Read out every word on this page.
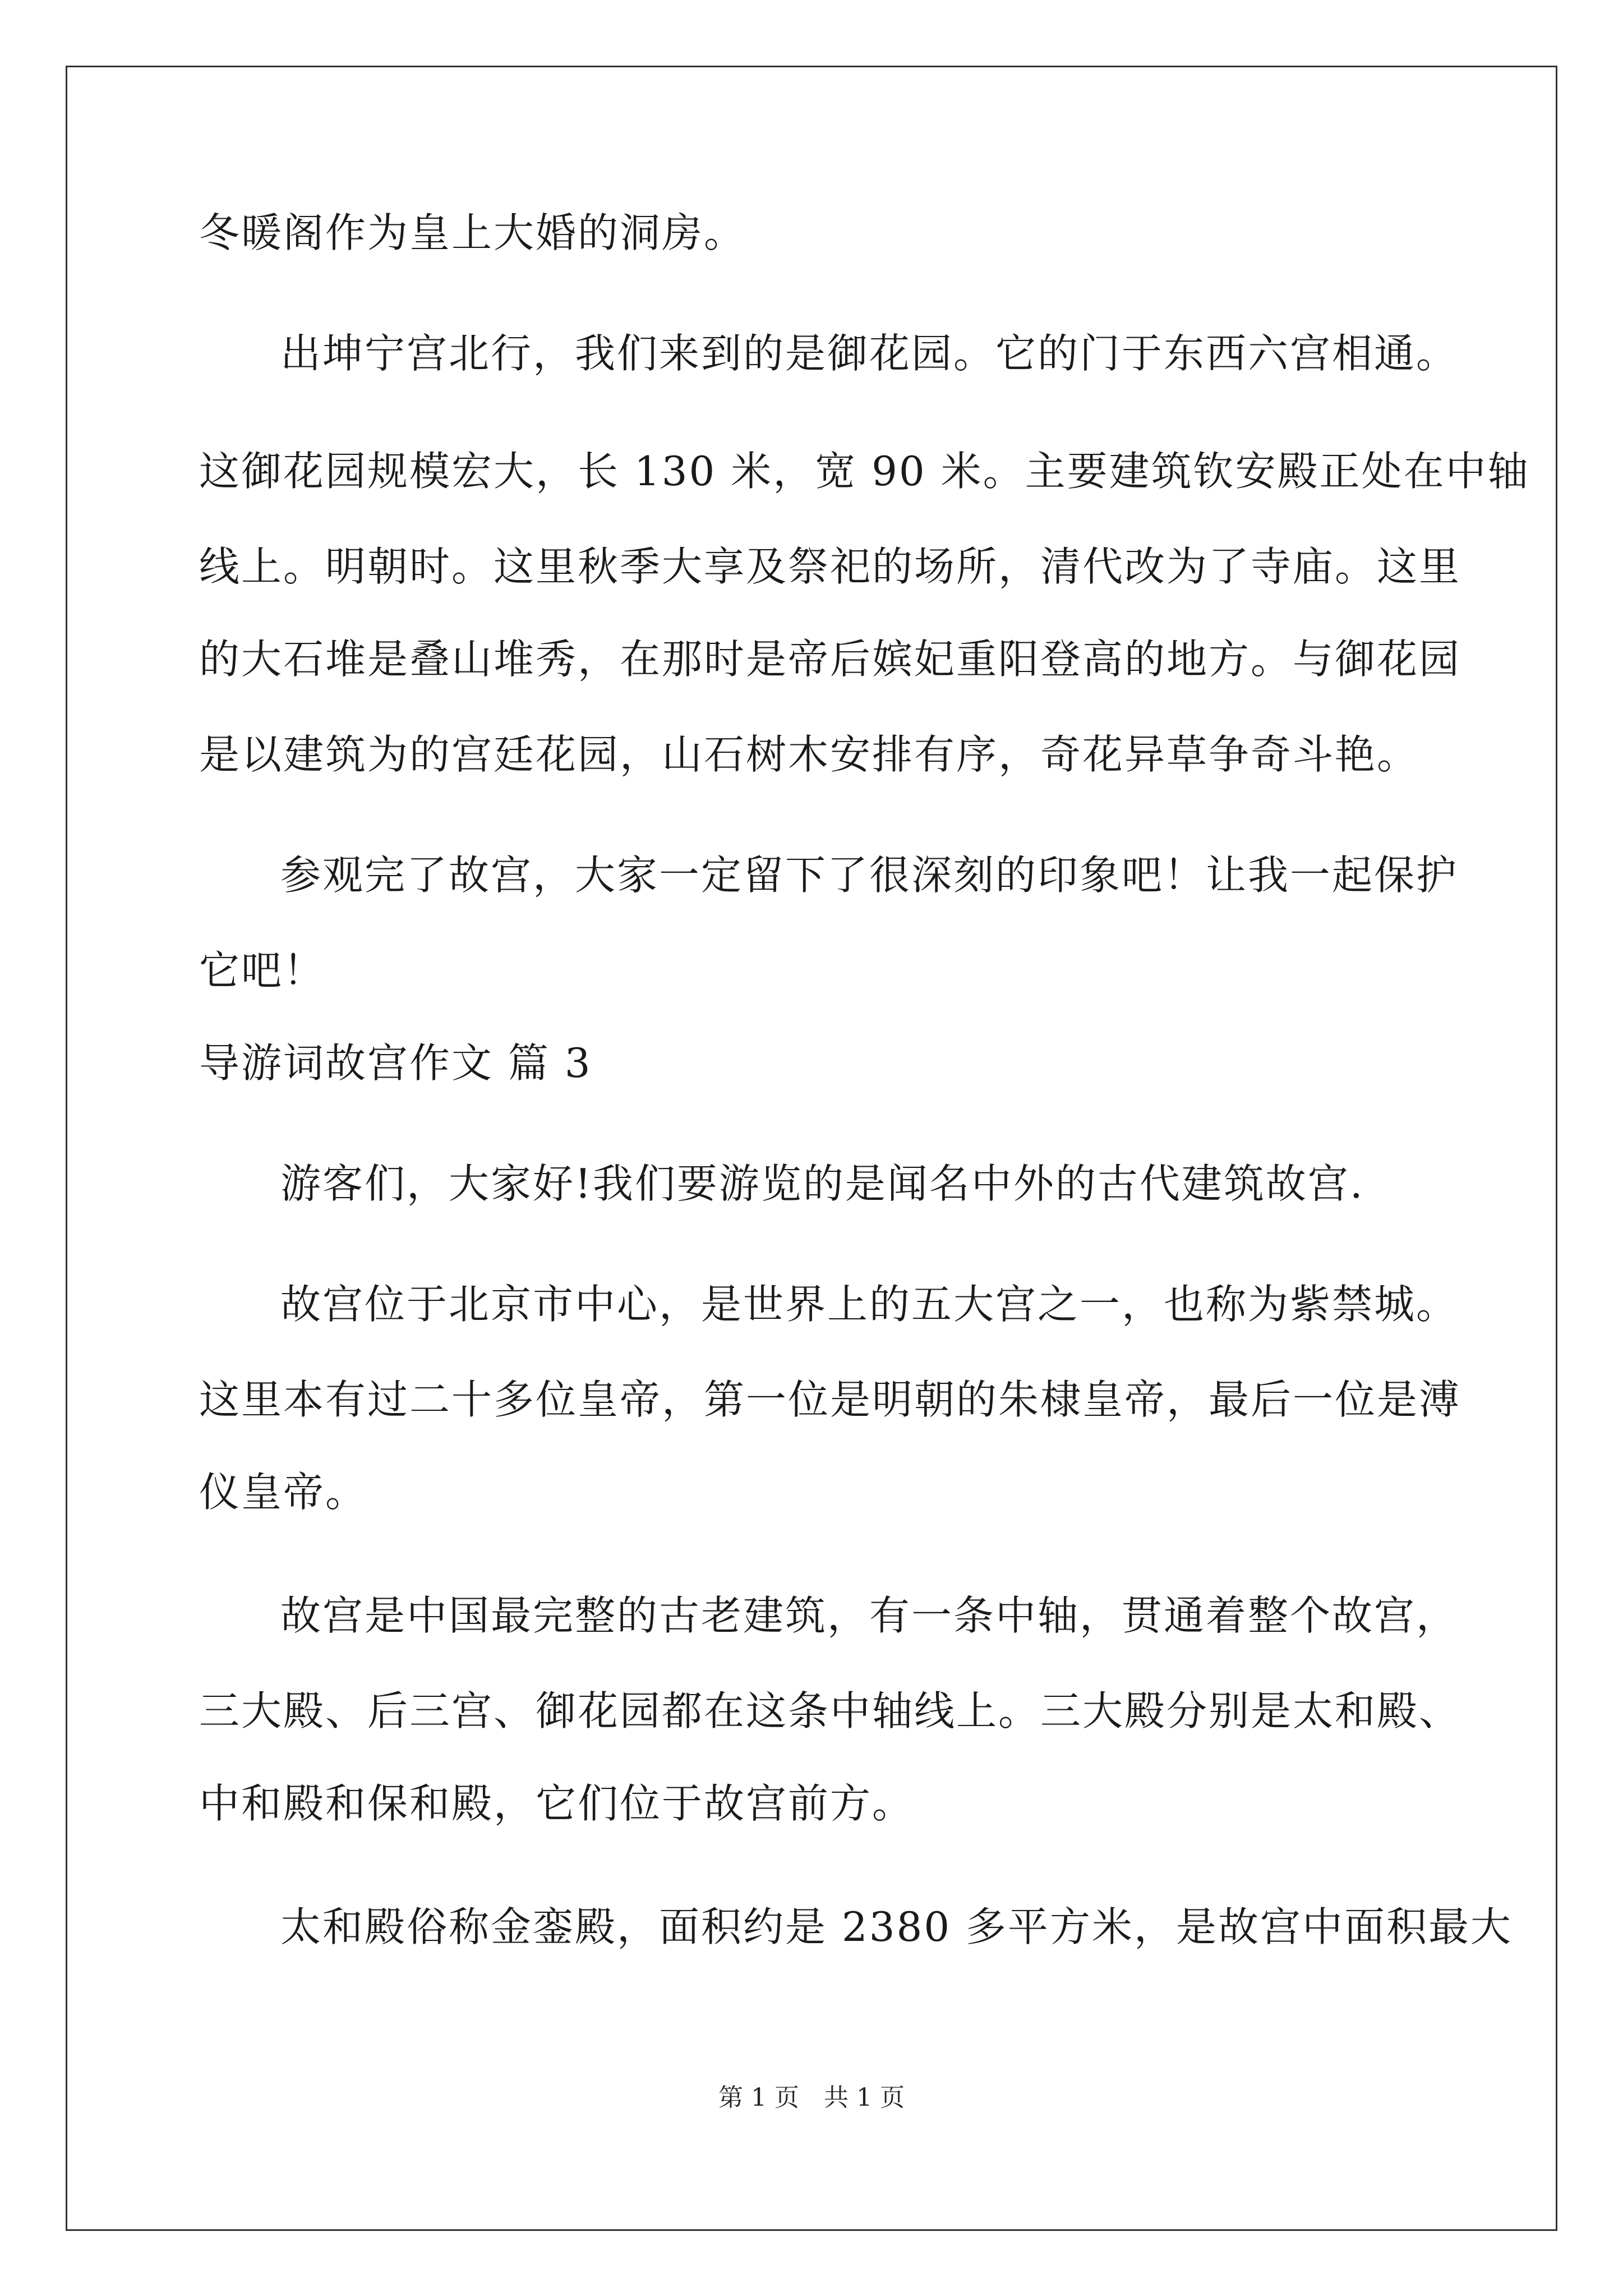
冬暖阁作为皇上大婚的洞房。
出坤宁宫北行，我们来到的是御花园。它的门于东西六宫相通。
这御花园规模宏大，长 130 米，宽 90 米。主要建筑钦安殿正处在中轴
线上。明朝时。这里秋季大享及祭祀的场所，清代改为了寺庙。这里
的大石堆是叠山堆秀，在那时是帝后嫔妃重阳登高的地方。与御花园
是以建筑为的宫廷花园，山石树木安排有序，奇花异草争奇斗艳。
参观完了故宫，大家一定留下了很深刻的印象吧！让我一起保护
它吧！
导游词故宫作文 篇 3
游客们，大家好!我们要游览的是闻名中外的古代建筑故宫.
故宫位于北京市中心，是世界上的五大宫之一，也称为紫禁城。
这里本有过二十多位皇帝，第一位是明朝的朱棣皇帝，最后一位是溥
仪皇帝。
故宫是中国最完整的古老建筑，有一条中轴，贯通着整个故宫，
三大殿、后三宫、御花园都在这条中轴线上。三大殿分别是太和殿、
中和殿和保和殿，它们位于故宫前方。
太和殿俗称金銮殿，面积约是 2380 多平方米，是故宫中面积最大
第 1 页　共 1 页
